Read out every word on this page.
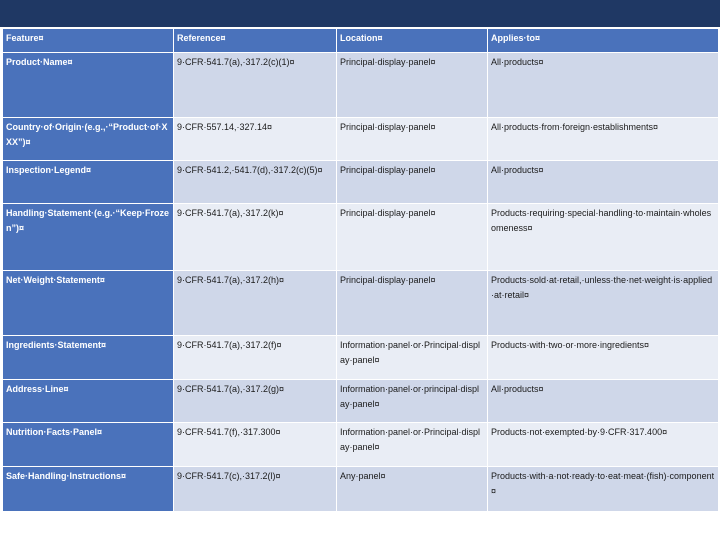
Feature¤	Reference¤	Location¤	Applies·to¤
Product·Name¤	9·CFR·541.7(a),·317.2(c)(1)¤	Principal·display·panel¤	All·products¤
Country·of·Origin·(e.g.,·“Product·of·XXX”)¤	9·CFR·557.14,·327.14¤	Principal·display·panel¤	All·products·from·foreign·establishments¤
Inspection·Legend¤	9·CFR·541.2,·541.7(d),·317.2(c)(5)¤	Principal·display·panel¤	All·products¤
Handling·Statement·(e.g.·“Keep·Frozen”)¤	9·CFR·541.7(a),·317.2(k)¤	Principal·display·panel¤	Products·requiring·special·handling·to·maintain·wholesomeness¤
Net·Weight·Statement¤	9·CFR·541.7(a),·317.2(h)¤	Principal·display·panel¤	Products·sold·at·retail,·unless·the·net·weight·is·applied·at·retail¤
Ingredients·Statement¤	9·CFR·541.7(a),·317.2(f)¤	Information·panel·or·Principal·display·panel¤	Products·with·two·or·more·ingredients¤
Address·Line¤	9·CFR·541.7(a),·317.2(g)¤	Information·panel·or·principal·display·panel¤	All·products¤
Nutrition·Facts·Panel¤	9·CFR·541.7(f),·317.300¤	Information·panel·or·Principal·display·panel¤	Products·not·exempted·by·9·CFR·317.400¤
Safe·Handling·Instructions¤	9·CFR·541.7(c),·317.2(l)¤	Any·panel¤	Products·with·a·not·ready·to·eat·meat·(fish)·component¤
